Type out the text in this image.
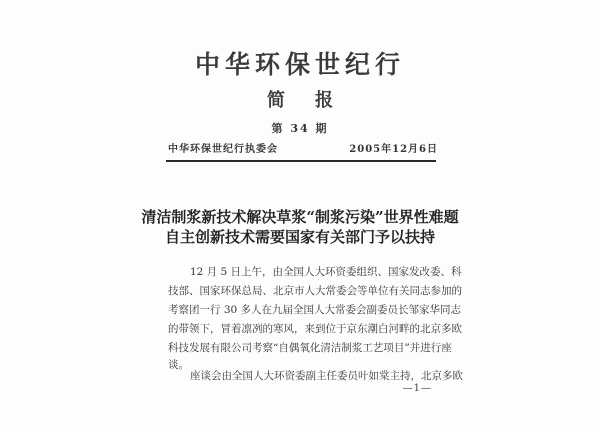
中华环保世纪行
简报
第 34 期
中华环保世纪行执委会	2005年12月6日
清洁制浆新技术解决草浆“制浆污染”世界性难题
自主创新技术需要国家有关部门予以扶持
12 月 5 日上午，由全国人大环资委组织、国家发改委、科
技部、国家环保总局、北京市人大常委会等单位有关同志参加的
考察团一行 30 多人在九届全国人大常委会副委员长邹家华同志
的带领下，冒着凛冽的寒风，来到位于京东潮白河畔的北京多欧
科技发展有限公司考察“自偶氧化清洁制浆工艺项目”并进行座
谈。
座谈会由全国人大环资委副主任委员叶如棠主持，北京多欧
—1—
